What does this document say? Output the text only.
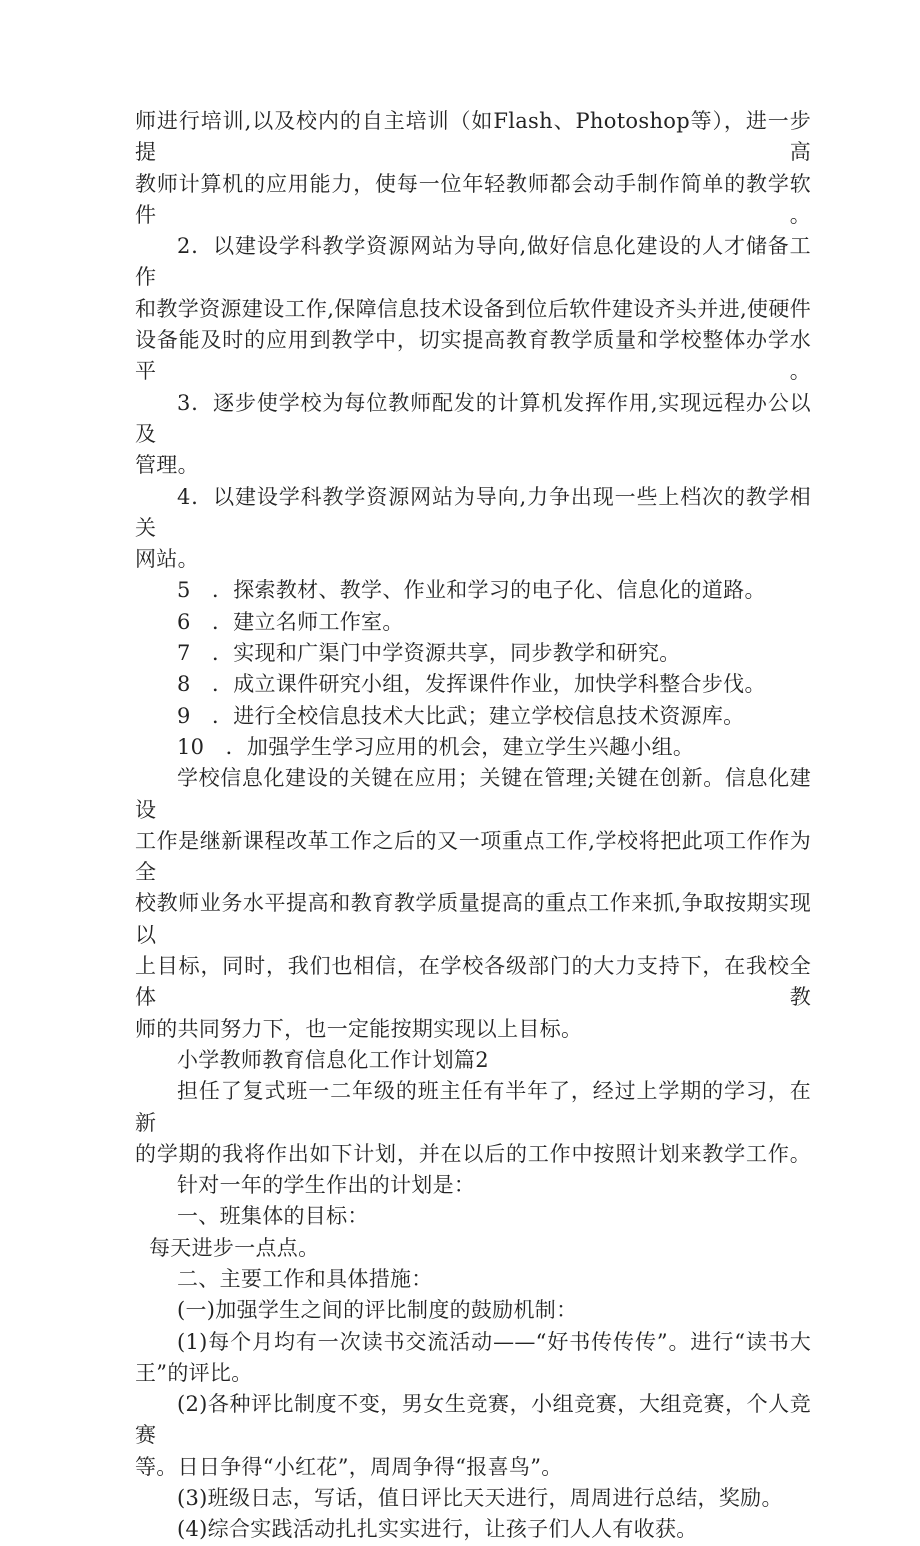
师进行培训,以及校内的自主培训（如Flash、Photoshop等），进一步提高
教师计算机的应用能力，使每一位年轻教师都会动手制作简单的教学软件。
2．以建设学科教学资源网站为导向,做好信息化建设的人才储备工作
和教学资源建设工作,保障信息技术设备到位后软件建设齐头并进,使硬件
设备能及时的应用到教学中，切实提高教育教学质量和学校整体办学水平。
3．逐步使学校为每位教师配发的计算机发挥作用,实现远程办公以及
管理。
4．以建设学科教学资源网站为导向,力争出现一些上档次的教学相关
网站。
5　．探索教材、教学、作业和学习的电子化、信息化的道路。
6　．建立名师工作室。
7　．实现和广渠门中学资源共享，同步教学和研究。
8　．成立课件研究小组，发挥课件作业，加快学科整合步伐。
9　．进行全校信息技术大比武；建立学校信息技术资源库。
10　．加强学生学习应用的机会，建立学生兴趣小组。
学校信息化建设的关键在应用；关键在管理;关键在创新。信息化建设
工作是继新课程改革工作之后的又一项重点工作,学校将把此项工作作为全
校教师业务水平提高和教育教学质量提高的重点工作来抓,争取按期实现以
上目标，同时，我们也相信，在学校各级部门的大力支持下，在我校全体教
师的共同努力下，也一定能按期实现以上目标。
小学教师教育信息化工作计划篇2
担任了复式班一二年级的班主任有半年了，经过上学期的学习，在新
的学期的我将作出如下计划，并在以后的工作中按照计划来教学工作。
针对一年的学生作出的计划是：
一、班集体的目标：
每天进步一点点。
二、主要工作和具体措施：
(一)加强学生之间的评比制度的鼓励机制：
(1)每个月均有一次读书交流活动——“好书传传传”。进行“读书大
王”的评比。
(2)各种评比制度不变，男女生竞赛，小组竞赛，大组竞赛，个人竞赛
等。日日争得“小红花”，周周争得“报喜鸟”。
(3)班级日志，写话，值日评比天天进行，周周进行总结，奖励。
(4)综合实践活动扎扎实实进行，让孩子们人人有收获。
